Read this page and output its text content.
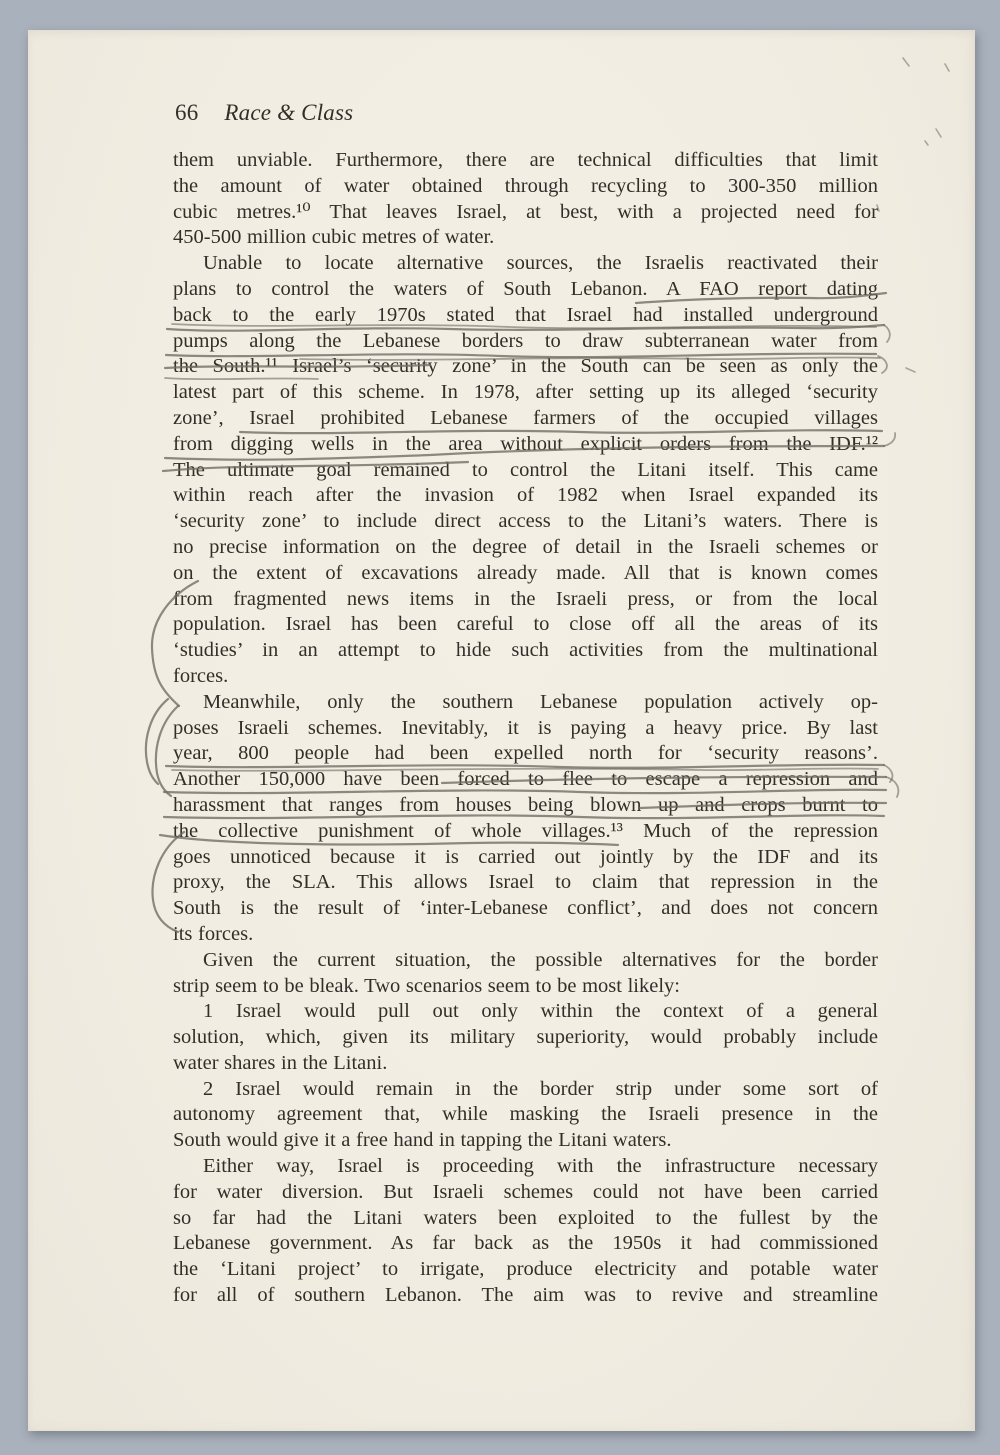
66 Race & Class
them unviable. Furthermore, there are technical difficulties that limit
the amount of water obtained through recycling to 300-350 million
cubic metres.¹⁰ That leaves Israel, at best, with a projected need for
450-500 million cubic metres of water.
Unable to locate alternative sources, the Israelis reactivated their
plans to control the waters of South Lebanon. A FAO report dating
back to the early 1970s stated that Israel had installed underground
pumps along the Lebanese borders to draw subterranean water from
the South.¹¹ Israel’s ‘security zone’ in the South can be seen as only the
latest part of this scheme. In 1978, after setting up its alleged ‘security
zone’, Israel prohibited Lebanese farmers of the occupied villages
from digging wells in the area without explicit orders from the IDF.¹²
The ultimate goal remained to control the Litani itself. This came
within reach after the invasion of 1982 when Israel expanded its
‘security zone’ to include direct access to the Litani’s waters. There is
no precise information on the degree of detail in the Israeli schemes or
on the extent of excavations already made. All that is known comes
from fragmented news items in the Israeli press, or from the local
population. Israel has been careful to close off all the areas of its
‘studies’ in an attempt to hide such activities from the multinational
forces.
Meanwhile, only the southern Lebanese population actively op-
poses Israeli schemes. Inevitably, it is paying a heavy price. By last
year, 800 people had been expelled north for ‘security reasons’.
Another 150,000 have been forced to flee to escape a repression and
harassment that ranges from houses being blown up and crops burnt to
the collective punishment of whole villages.¹³ Much of the repression
goes unnoticed because it is carried out jointly by the IDF and its
proxy, the SLA. This allows Israel to claim that repression in the
South is the result of ‘inter-Lebanese conflict’, and does not concern
its forces.
Given the current situation, the possible alternatives for the border
strip seem to be bleak. Two scenarios seem to be most likely:
1 Israel would pull out only within the context of a general
solution, which, given its military superiority, would probably include
water shares in the Litani.
2 Israel would remain in the border strip under some sort of
autonomy agreement that, while masking the Israeli presence in the
South would give it a free hand in tapping the Litani waters.
Either way, Israel is proceeding with the infrastructure necessary
for water diversion. But Israeli schemes could not have been carried
so far had the Litani waters been exploited to the fullest by the
Lebanese government. As far back as the 1950s it had commissioned
the ‘Litani project’ to irrigate, produce electricity and potable water
for all of southern Lebanon. The aim was to revive and streamline
